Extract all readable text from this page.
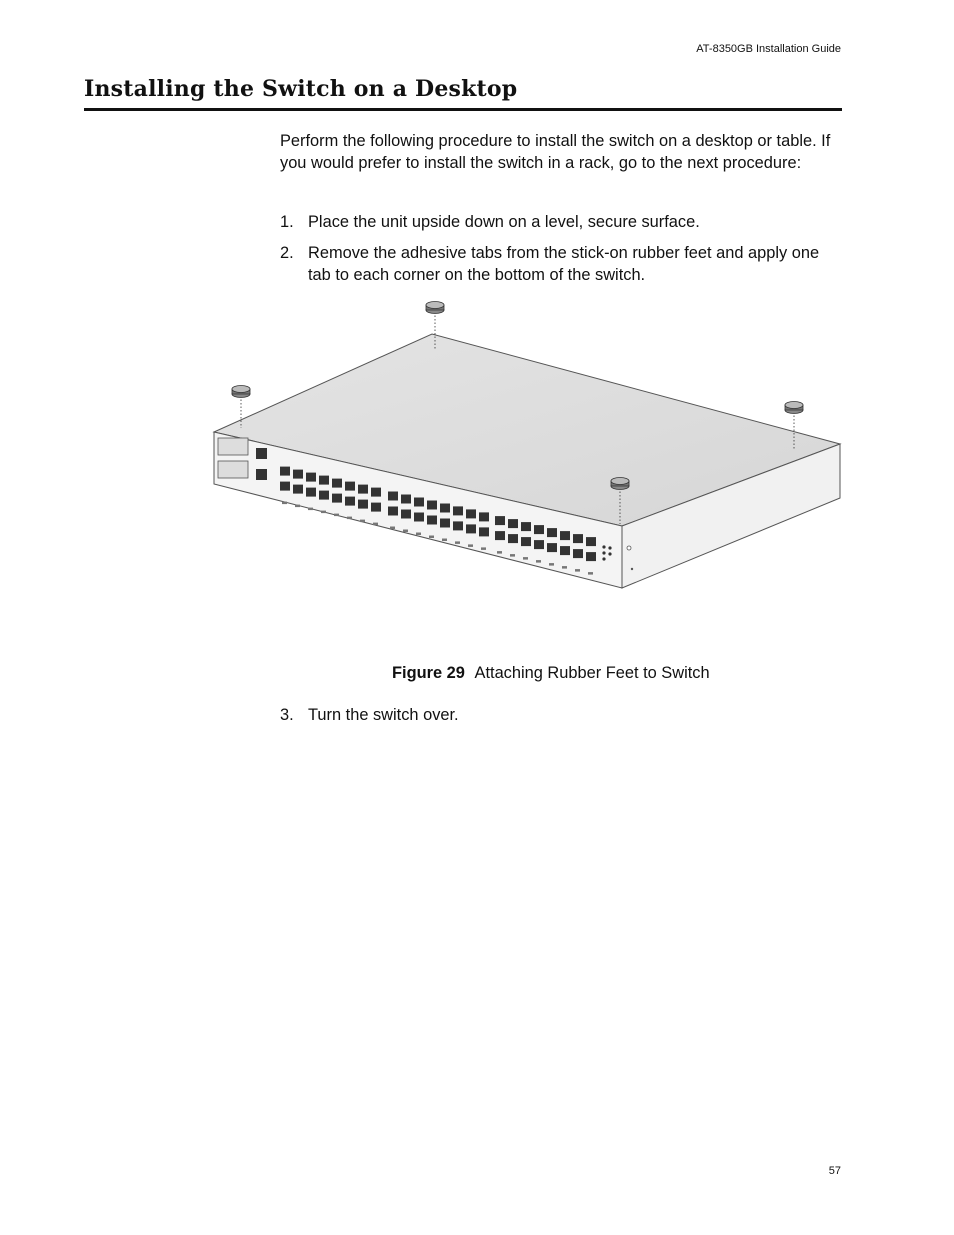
AT-8350GB Installation Guide
Installing the Switch on a Desktop
Perform the following procedure to install the switch on a desktop or table. If you would prefer to install the switch in a rack, go to the next procedure:
1. Place the unit upside down on a level, secure surface.
2. Remove the adhesive tabs from the stick-on rubber feet and apply one tab to each corner on the bottom of the switch.
Figure 29 Attaching Rubber Feet to Switch
3. Turn the switch over.
57
